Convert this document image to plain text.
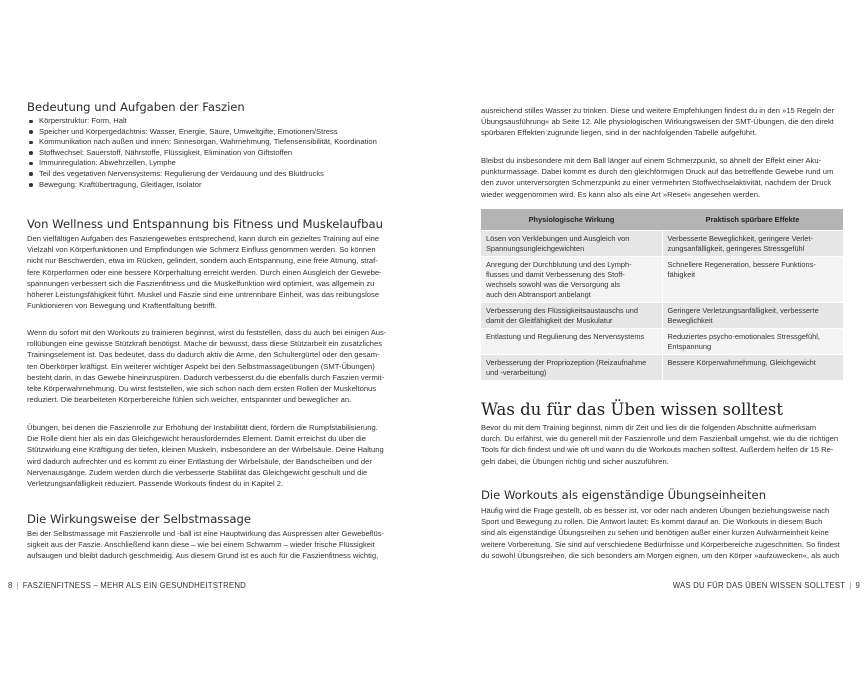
Bedeutung und Aufgaben der Faszien
Körperstruktur: Form, Halt
Speicher und Körpergedächtnis: Wasser, Energie, Säure, Umweltgifte, Emotionen/Stress
Kommunikation nach außen und innen: Sinnesorgan, Wahrnehmung, Tiefensensibilität, Koordination
Stoffwechsel: Sauerstoff, Nährstoffe, Flüssigkeit, Elimination von Giftstoffen
Immunregulation: Abwehrzellen, Lymphe
Teil des vegetativen Nervensystems: Regulierung der Verdauung und des Blutdrucks
Bewegung: Kraftübertragung, Gleitlager, Isolator
Von Wellness und Entspannung bis Fitness und Muskelaufbau
Den vielfältigen Aufgaben des Fasziengewebes entsprechend, kann durch ein gezieltes Training auf eine
Vielzahl von Körperfunktionen und Empfindungen wie Schmerz Einfluss genommen werden. So können
nicht nur Beschwerden, etwa im Rücken, gelindert, sondern auch Entspannung, eine freie Atmung, straf-
fere Körperformen oder eine bessere Körperhaltung erreicht werden. Durch einen Ausgleich der Gewebe-
spannungen verbessert sich die Faszienfitness und die Muskelfunktion wird optimiert, was allgemein zu
höherer Leistungsfähigkeit führt. Muskel und Faszie sind eine untrennbare Einheit, was das reibungslose
Funktionieren von Bewegung und Kraftentfaltung betrifft.
Wenn du sofort mit den Workouts zu trainieren beginnst, wirst du feststellen, dass du auch bei einigen Aus-
rollübungen eine gewisse Stützkraft benötigst. Mache dir bewusst, dass diese Stützarbeit ein zusätzliches
Trainingselement ist. Das bedeutet, dass du dadurch aktiv die Arme, den Schultergürtel oder den gesam-
ten Oberkörper kräftigst. Ein weiterer wichtiger Aspekt bei den Selbstmassageübungen (SMT-Übungen)
besteht darin, in das Gewebe hineinzuspüren. Dadurch verbesserst du die ebenfalls durch Faszien vermit-
telte Körperwahrnehmung. Du wirst feststellen, wie sich schon nach dem ersten Rollen der Muskeltonus
reduziert. Die bearbeiteten Körperbereiche fühlen sich weicher, entspannter und beweglicher an.
Übungen, bei denen die Faszienrolle zur Erhöhung der Instabilität dient, fördern die Rumpfstabilisierung.
Die Rolle dient hier als ein das Gleichgewicht herausforderndes Element. Damit erreichst du über die
Stützwirkung eine Kräftigung der tiefen, kleinen Muskeln, insbesondere an der Wirbelsäule. Deine Haltung
wird dadurch aufrechter und es kommt zu einer Entlastung der Wirbelsäule, der Bandscheiben und der
Nervenausgänge. Zudem werden durch die verbesserte Stabilität das Gleichgewicht geschult und die
Verletzungsanfälligkeit reduziert. Passende Workouts findest du in Kapitel 2.
Die Wirkungsweise der Selbstmassage
Bei der Selbstmassage mit Faszienrolle und -ball ist eine Hauptwirkung das Auspressen alter Gewebeflüs-
sigkeit aus der Faszie. Anschließend kann diese – wie bei einem Schwamm – wieder frische Flüssigkeit
aufsaugen und bleibt dadurch geschmeidig. Aus diesem Grund ist es auch für die Faszienfitness wichtig,
8 | FASZIENFITNESS – MEHR ALS EIN GESUNDHEITSTREND
ausreichend stilles Wasser zu trinken. Diese und weitere Empfehlungen findest du in den »15 Regeln der
Übungsausführung« ab Seite 12. Alle physiologischen Wirkungsweisen der SMT-Übungen, die den direkt
spürbaren Effekten zugrunde liegen, sind in der nachfolgenden Tabelle aufgeführt.
Bleibst du insbesondere mit dem Ball länger auf einem Schmerzpunkt, so ähnelt der Effekt einer Aku-
punkturmassage. Dabei kommt es durch den gleichförmigen Druck auf das betreffende Gewebe rund um
den zuvor unterversorgten Schmerzpunkt zu einer vermehrten Stoffwechselaktivität, nachdem der Druck
wieder weggenommen wird. Es kann also als eine Art »Reset« angesehen werden.
Physiologische Wirkung	Praktisch spürbare Effekte

Lösen von Verklebungen und Ausgleich von
Spannungsungleichgewichten	Verbesserte Beweglichkeit, geringere Verlet-
zungsanfälligkeit, geringeres Stressgefühl

Anregung der Durchblutung und des Lymph-
flusses und damit Verbesserung des Stoff-
wechsels sowohl was die Versorgung als
auch den Abtransport anbelangt	Schnellere Regeneration, bessere Funktions-
fähigkeit

Verbesserung des Flüssigkeitsaustauschs und
damit der Gleitfähigkeit der Muskulatur	Geringere Verletzungsanfälligkeit, verbesserte
Beweglichkeit

Entlastung und Regulierung des Nervensystems	Reduziertes psycho-emotionales Stressgefühl,
Entspannung

Verbesserung der Propriozeption (Reizaufnahme
und -verarbeitung)	Bessere Körperwahrnehmung, Gleichgewicht
Was du für das Üben wissen solltest
Bevor du mit dem Training beginnst, nimm dir Zeit und lies dir die folgenden Abschnitte aufmerksam
durch. Du erfährst, wie du generell mit der Faszienrolle und dem Faszienball umgehst, wie du die richtigen
Tools für dich findest und wie oft und wann du die Workouts machen solltest. Außerdem helfen dir 15 Re-
geln dabei, die Übungen richtig und sicher auszuführen.
Die Workouts als eigenständige Übungseinheiten
Häufig wird die Frage gestellt, ob es besser ist, vor oder nach anderen Übungen beziehungsweise nach
Sport und Bewegung zu rollen. Die Antwort lautet: Es kommt darauf an. Die Workouts in diesem Buch
sind als eigenständige Übungsreihen zu sehen und benötigen außer einer kurzen Aufwärmeinheit keine
weitere Vorbereitung. Sie sind auf verschiedene Bedürfnisse und Körperbereiche zugeschnitten. So findest
du sowohl Übungsreihen, die sich besonders am Morgen eignen, um den Körper »aufzuwecken«, als auch
WAS DU FÜR DAS ÜBEN WISSEN SOLLTEST | 9
